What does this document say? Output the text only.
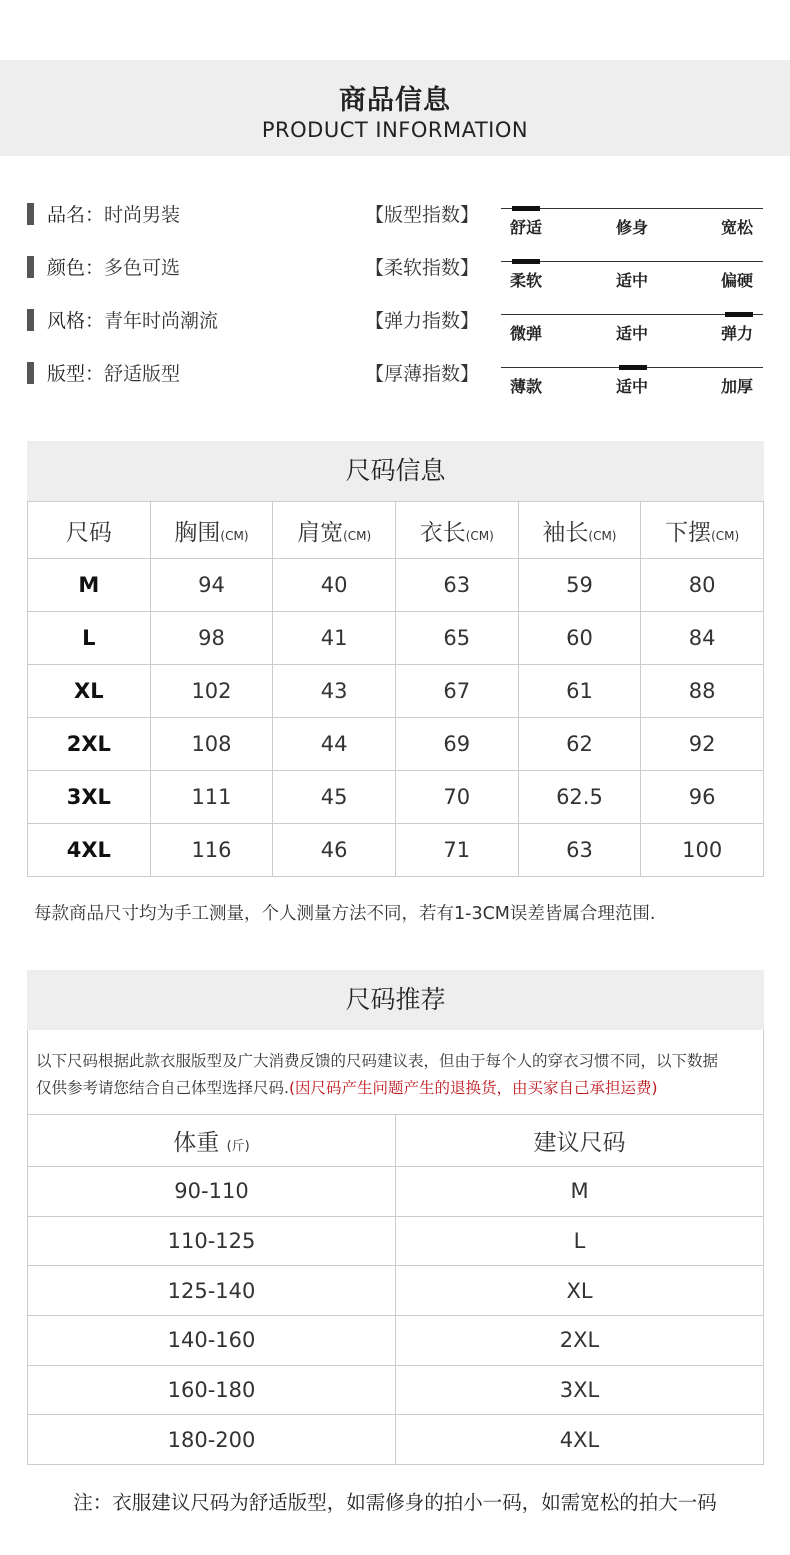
商品信息
PRODUCT INFORMATION
品名：时尚男装
颜色：多色可选
风格：青年时尚潮流
版型：舒适版型
【版型指数】
【柔软指数】
【弹力指数】
【厚薄指数】
舒适	修身	宽松
柔软	适中	偏硬
微弹	适中	弹力
薄款	适中	加厚
尺码信息
尺码	胸围(CM)	肩宽(CM)	衣长(CM)	袖长(CM)	下摆(CM)
M	94	40	63	59	80
L	98	41	65	60	84
XL	102	43	67	61	88
2XL	108	44	69	62	92
3XL	111	45	70	62.5	96
4XL	116	46	71	63	100
每款商品尺寸均为手工测量，个人测量方法不同，若有1-3CM误差皆属合理范围.
尺码推荐
以下尺码根据此款衣服版型及广大消费反馈的尺码建议表，但由于每个人的穿衣习惯不同，以下数据
仅供参考请您结合自己体型选择尺码.(因尺码产生问题产生的退换货，由买家自己承担运费)
体重 (斤)	建议尺码
90-110	M
110-125	L
125-140	XL
140-160	2XL
160-180	3XL
180-200	4XL
注：衣服建议尺码为舒适版型，如需修身的拍小一码，如需宽松的拍大一码
